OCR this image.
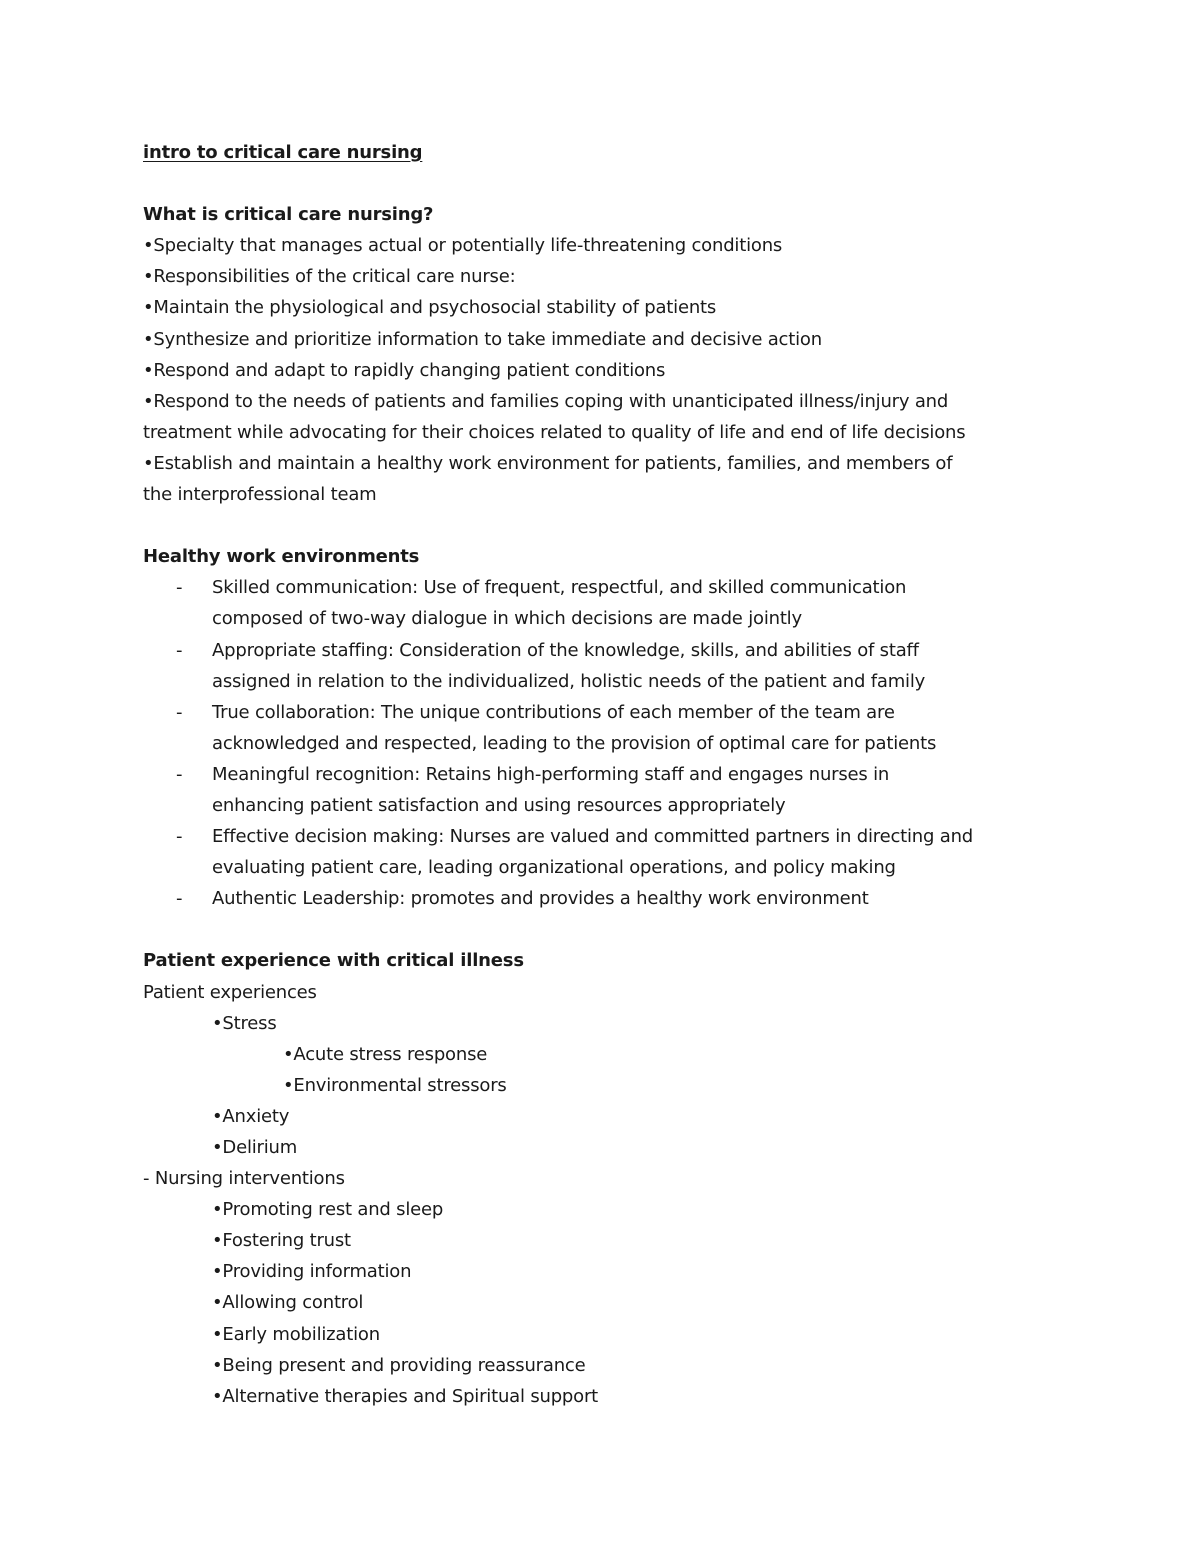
intro to critical care nursing
What is critical care nursing?
•Specialty that manages actual or potentially life-threatening conditions
•Responsibilities of the critical care nurse:
•Maintain the physiological and psychosocial stability of patients
•Synthesize and prioritize information to take immediate and decisive action
•Respond and adapt to rapidly changing patient conditions
•Respond to the needs of patients and families coping with unanticipated illness/injury and
treatment while advocating for their choices related to quality of life and end of life decisions
•Establish and maintain a healthy work environment for patients, families, and members of
the interprofessional team
Healthy work environments
- Skilled communication: Use of frequent, respectful, and skilled communication
composed of two-way dialogue in which decisions are made jointly
- Appropriate staffing: Consideration of the knowledge, skills, and abilities of staff
assigned in relation to the individualized, holistic needs of the patient and family
- True collaboration: The unique contributions of each member of the team are
acknowledged and respected, leading to the provision of optimal care for patients
- Meaningful recognition: Retains high-performing staff and engages nurses in
enhancing patient satisfaction and using resources appropriately
- Effective decision making: Nurses are valued and committed partners in directing and
evaluating patient care, leading organizational operations, and policy making
- Authentic Leadership: promotes and provides a healthy work environment
Patient experience with critical illness
Patient experiences
•Stress
•Acute stress response
•Environmental stressors
•Anxiety
•Delirium
- Nursing interventions
•Promoting rest and sleep
•Fostering trust
•Providing information
•Allowing control
•Early mobilization
•Being present and providing reassurance
•Alternative therapies and Spiritual support
